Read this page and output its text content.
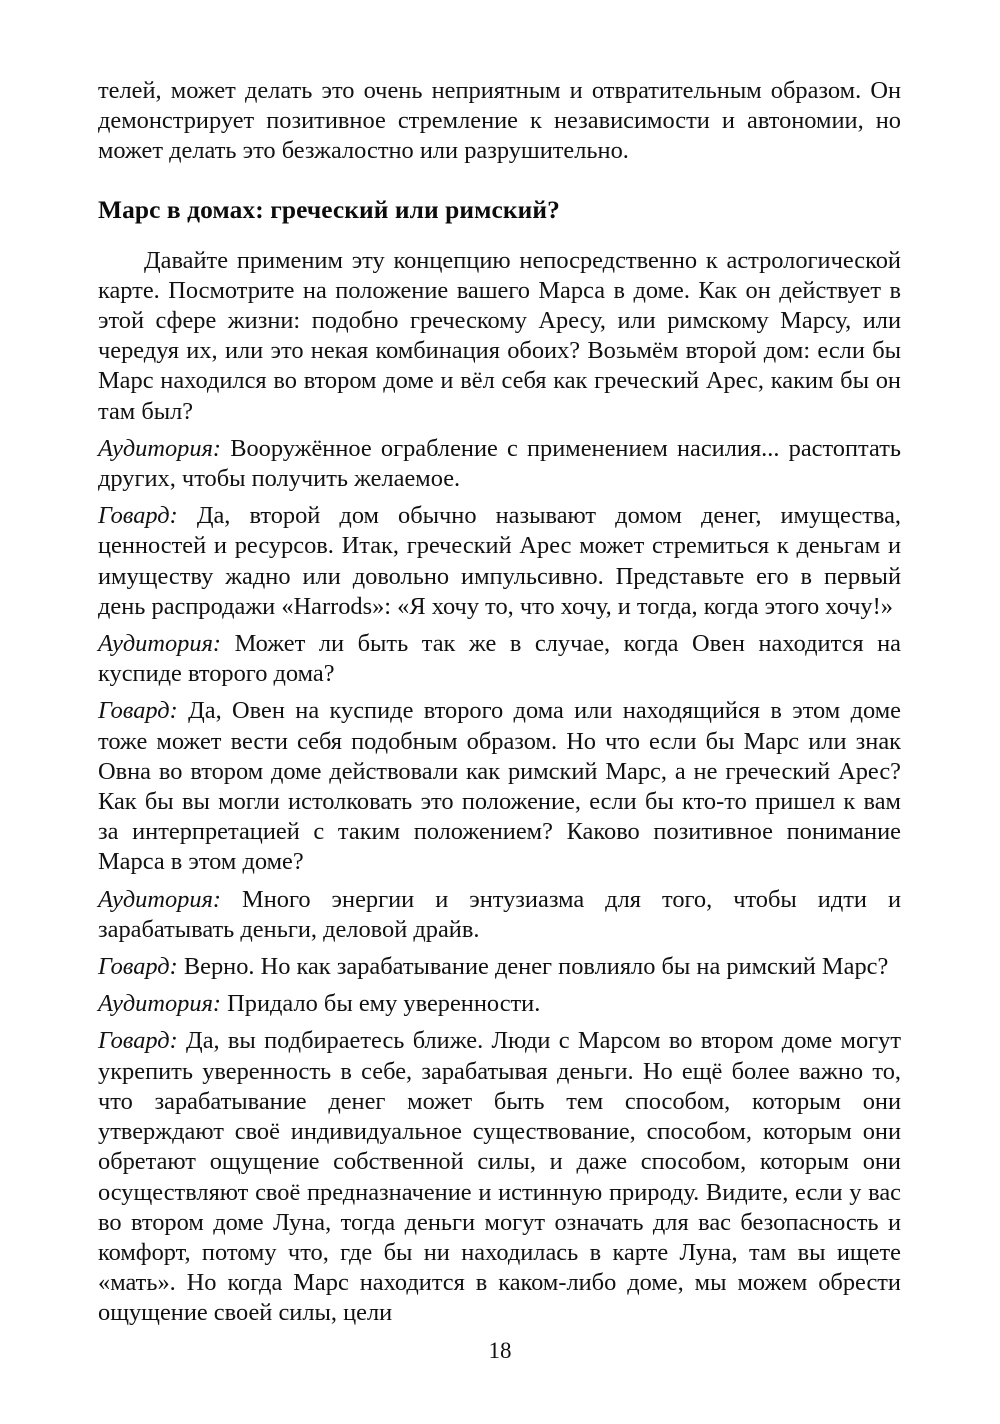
телей, может делать это очень неприятным и отвратительным образом. Он демонстрирует позитивное стремление к независимости и автономии, но может делать это безжалостно или разрушительно.

Марс в домах: греческий или римский?

Давайте применим эту концепцию непосредственно к астрологической карте. Посмотрите на положение вашего Марса в доме. Как он действует в этой сфере жизни: подобно греческому Аресу, или римскому Марсу, или чередуя их, или это некая комбинация обоих? Возьмём второй дом: если бы Марс находился во втором доме и вёл себя как греческий Арес, каким бы он там был?

Аудитория: Вооружённое ограбление с применением насилия... растоптать других, чтобы получить желаемое.

Говард: Да, второй дом обычно называют домом денег, имущества, ценностей и ресурсов. Итак, греческий Арес может стремиться к деньгам и имуществу жадно или довольно импульсивно. Представьте его в первый день распродажи «Harrods»: «Я хочу то, что хочу, и тогда, когда этого хочу!»

Аудитория: Может ли быть так же в случае, когда Овен находится на куспиде второго дома?

Говард: Да, Овен на куспиде второго дома или находящийся в этом доме тоже может вести себя подобным образом. Но что если бы Марс или знак Овна во втором доме действовали как римский Марс, а не греческий Арес? Как бы вы могли истолковать это положение, если бы кто-то пришел к вам за интерпретацией с таким положением? Каково позитивное понимание Марса в этом доме?

Аудитория: Много энергии и энтузиазма для того, чтобы идти и зарабатывать деньги, деловой драйв.

Говард: Верно. Но как зарабатывание денег повлияло бы на римский Марс?

Аудитория: Придало бы ему уверенности.

Говард: Да, вы подбираетесь ближе. Люди с Марсом во втором доме могут укрепить уверенность в себе, зарабатывая деньги. Но ещё более важно то, что зарабатывание денег может быть тем способом, которым они утверждают своё индивидуальное существование, способом, которым они обретают ощущение собственной силы, и даже способом, которым они осуществляют своё предназначение и истинную природу. Видите, если у вас во втором доме Луна, тогда деньги могут означать для вас безопасность и комфорт, потому что, где бы ни находилась в карте Луна, там вы ищете «мать». Но когда Марс находится в каком-либо доме, мы можем обрести ощущение своей силы, цели

18
